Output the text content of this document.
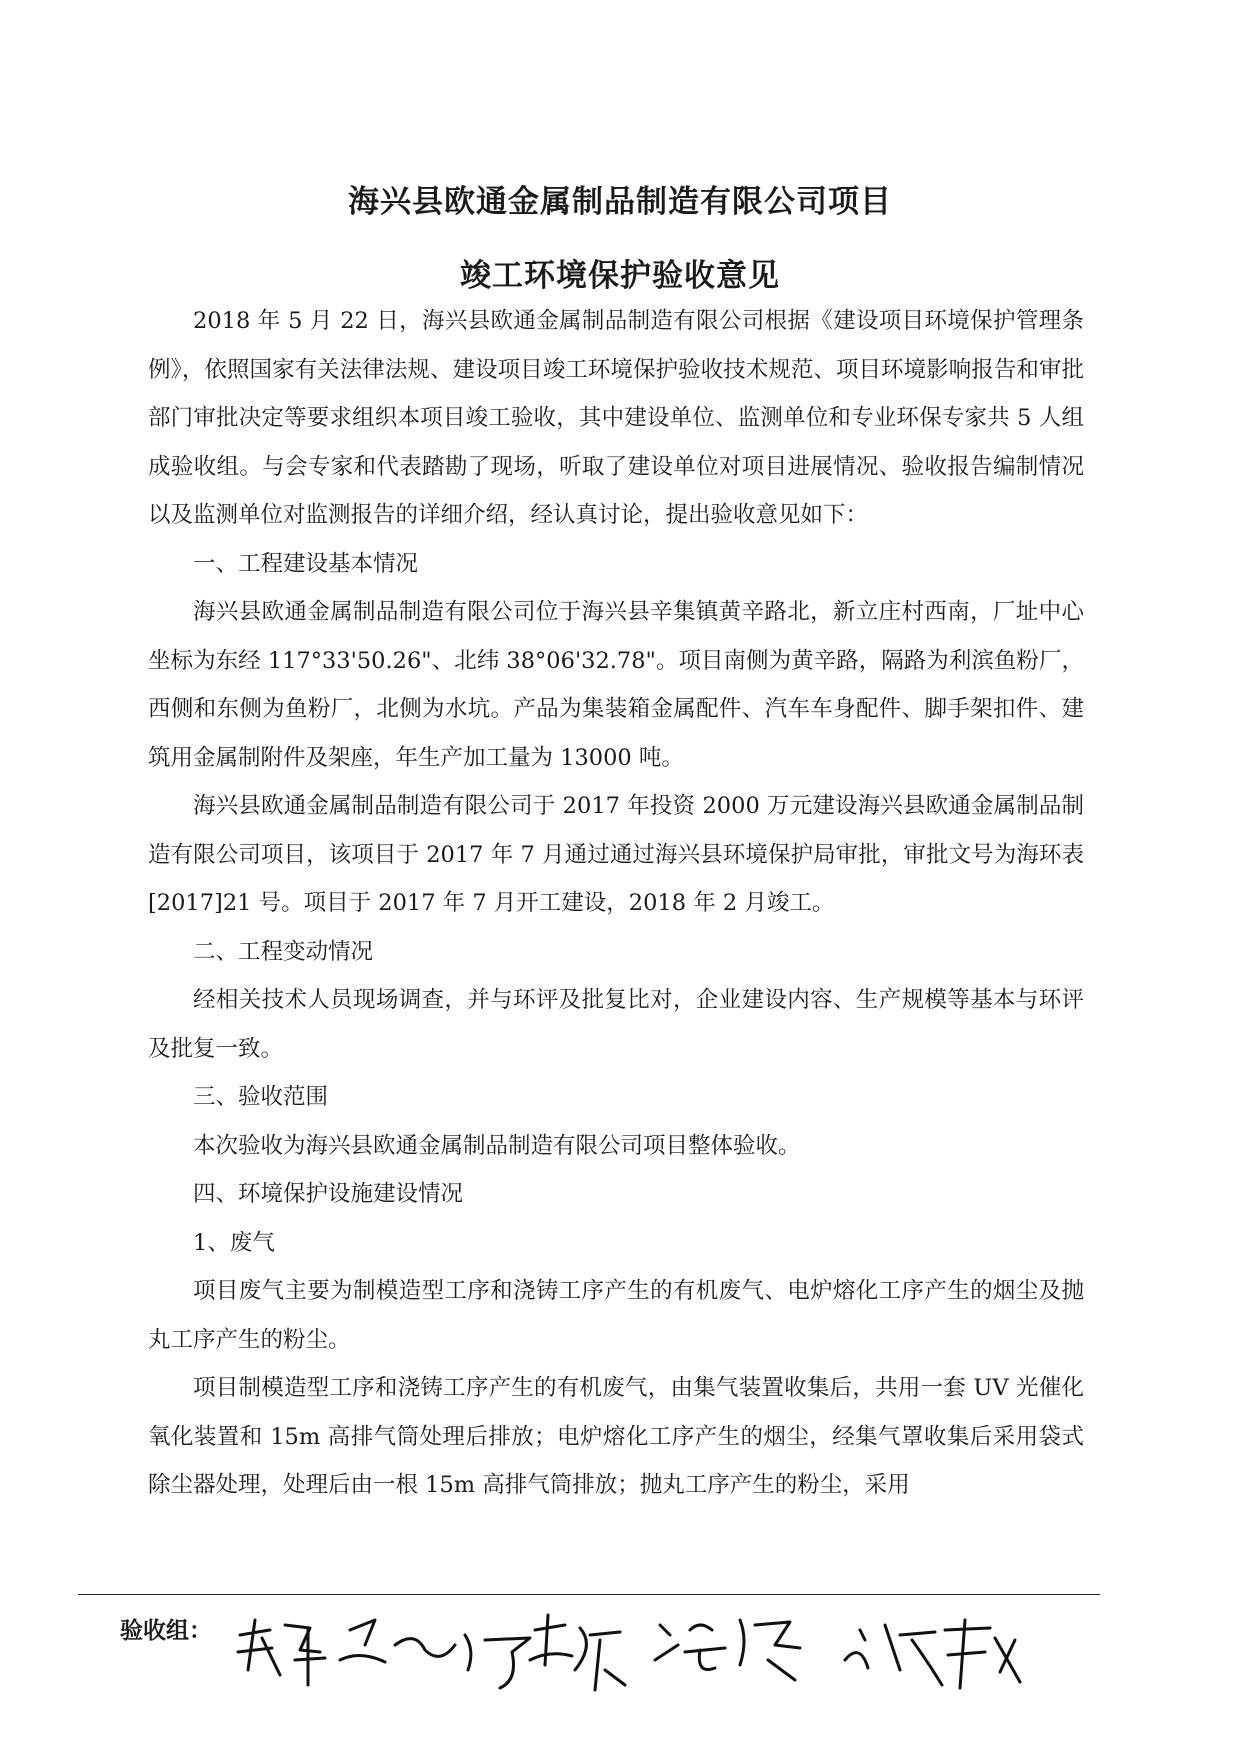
海兴县欧通金属制品制造有限公司项目
竣工环境保护验收意见

2018 年 5 月 22 日，海兴县欧通金属制品制造有限公司根据《建设项目环境保护管理条例》，依照国家有关法律法规、建设项目竣工环境保护验收技术规范、项目环境影响报告和审批部门审批决定等要求组织本项目竣工验收，其中建设单位、监测单位和专业环保专家共 5 人组成验收组。与会专家和代表踏勘了现场，听取了建设单位对项目进展情况、验收报告编制情况以及监测单位对监测报告的详细介绍，经认真讨论，提出验收意见如下：

一、工程建设基本情况

海兴县欧通金属制品制造有限公司位于海兴县辛集镇黄辛路北，新立庄村西南，厂址中心坐标为东经 117°33'50.26"、北纬 38°06'32.78"。项目南侧为黄辛路，隔路为利滨鱼粉厂，西侧和东侧为鱼粉厂，北侧为水坑。产品为集装箱金属配件、汽车车身配件、脚手架扣件、建筑用金属制附件及架座，年生产加工量为 13000 吨。

海兴县欧通金属制品制造有限公司于 2017 年投资 2000 万元建设海兴县欧通金属制品制造有限公司项目，该项目于 2017 年 7 月通过通过海兴县环境保护局审批，审批文号为海环表[2017]21 号。项目于 2017 年 7 月开工建设，2018 年 2 月竣工。

二、工程变动情况

经相关技术人员现场调查，并与环评及批复比对，企业建设内容、生产规模等基本与环评及批复一致。

三、验收范围

本次验收为海兴县欧通金属制品制造有限公司项目整体验收。

四、环境保护设施建设情况

1、废气

项目废气主要为制模造型工序和浇铸工序产生的有机废气、电炉熔化工序产生的烟尘及抛丸工序产生的粉尘。

项目制模造型工序和浇铸工序产生的有机废气，由集气装置收集后，共用一套 UV 光催化氧化装置和 15m 高排气筒处理后排放；电炉熔化工序产生的烟尘，经集气罩收集后采用袋式除尘器处理，处理后由一根 15m 高排气筒排放；抛丸工序产生的粉尘，采用

验收组：
